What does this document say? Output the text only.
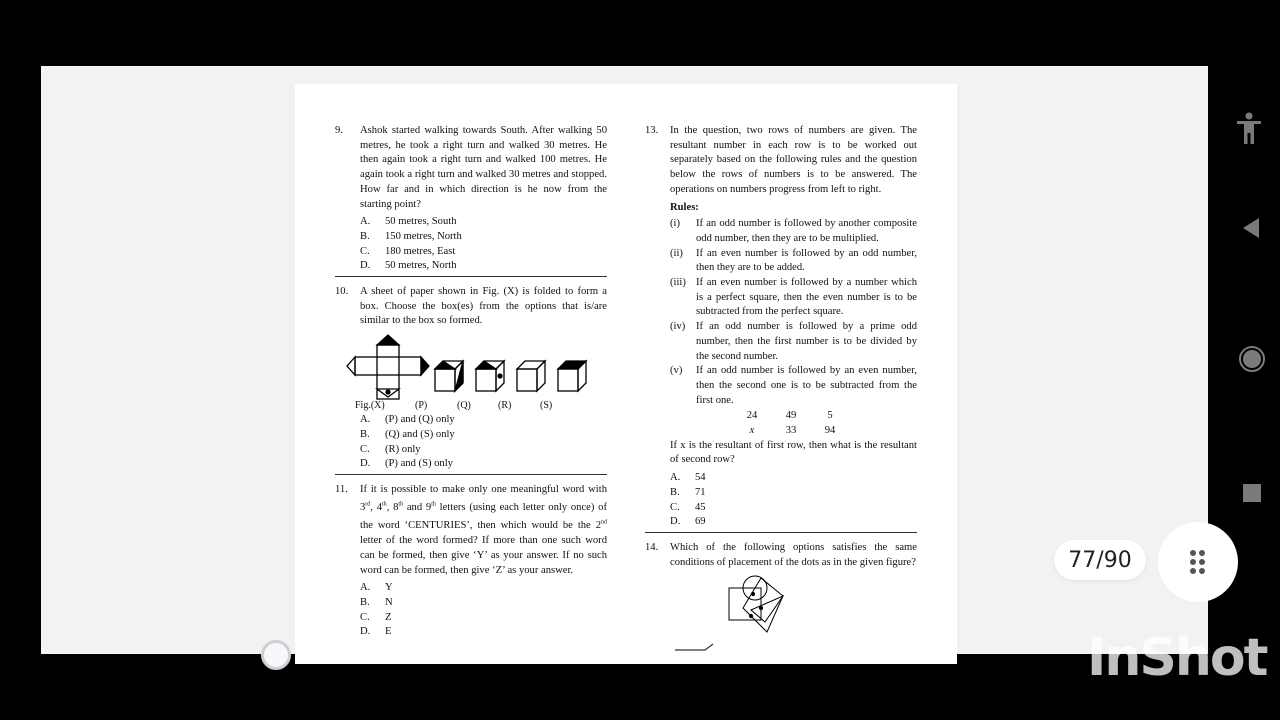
9. Ashok started walking towards South. After walking 50 metres, he took a right turn and walked 30 metres. He then again took a right turn and walked 100 metres. He again took a right turn and walked 30 metres and stopped. How far and in which direction is he now from the starting point?
A.	50 metres, South
B.	150 metres, North
C.	180 metres, East
D.	50 metres, North
10. A sheet of paper shown in Fig. (X) is folded to form a box. Choose the box(es) from the options that is/are similar to the box so formed.
Fig.(X)	(P)	(Q)	(R)	(S)
A.	(P) and (Q) only
B.	(Q) and (S) only
C.	(R) only
D.	(P) and (S) only
11. If it is possible to make only one meaningful word with 3rd, 4th, 8th and 9th letters (using each letter only once) of the word ‘CENTURIES’, then which would be the 2nd letter of the word formed? If more than one such word can be formed, then give ‘Y’ as your answer. If no such word can be formed, then give ‘Z’ as your answer.
A.	Y
B.	N
C.	Z
D.	E
13. In the question, two rows of numbers are given. The resultant number in each row is to be worked out separately based on the following rules and the question below the rows of numbers is to be answered. The operations on numbers progress from left to right.
Rules:
(i) If an odd number is followed by another composite odd number, then they are to be multiplied.
(ii) If an even number is followed by an odd number, then they are to be added.
(iii) If an even number is followed by a number which is a perfect square, then the even number is to be subtracted from the perfect square.
(iv) If an odd number is followed by a prime odd number, then the first number is to be divided by the second number.
(v) If an odd number is followed by an even number, then the second one is to be subtracted from the first one.
24	49	5
x	33	94
If x is the resultant of first row, then what is the resultant of second row?
A.	54
B.	71
C.	45
D.	69
14. Which of the following options satisfies the same conditions of placement of the dots as in the given figure?
InShot
77/90
